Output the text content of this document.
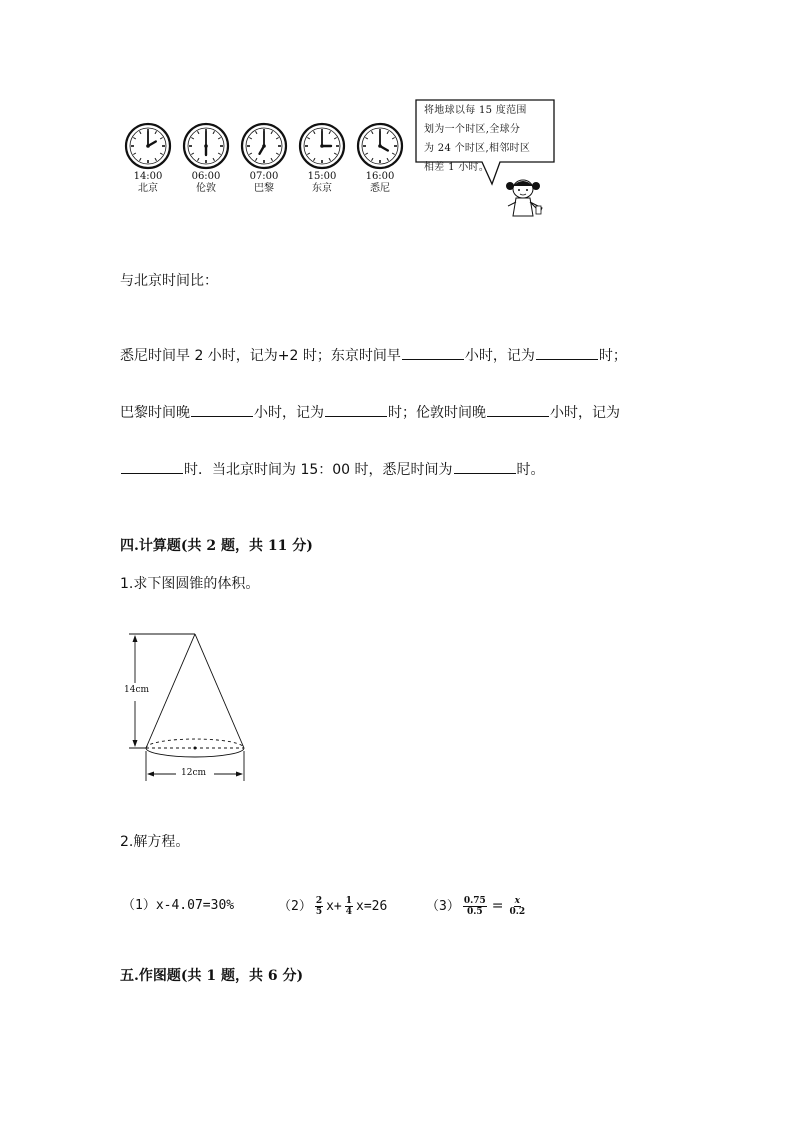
14:00
北京
06:00
伦敦
07:00
巴黎
15:00
东京
16:00
悉尼
将地球以每 15 度范围
划为一个时区,全球分
为 24 个时区,相邻时区
相差 1 小时。
与北京时间比：
悉尼时间早 2 小时，记为+2 时；东京时间早	小时，记为	时；
巴黎时间晚	小时，记为	时；伦敦时间晚	小时，记为
时．当北京时间为 15：00 时，悉尼时间为	时。
四.计算题(共 2 题，共 11 分)
1.求下图圆锥的体积。
14cm
12cm
2.解方程。
（1）x-4.07=30%	$(2) \frac{2}{5} x+ \frac{1}{4} x=26$	$(3) \frac{0.75}{0.5} = \frac{x}{0.2}$
五.作图题(共 1 题，共 6 分)
